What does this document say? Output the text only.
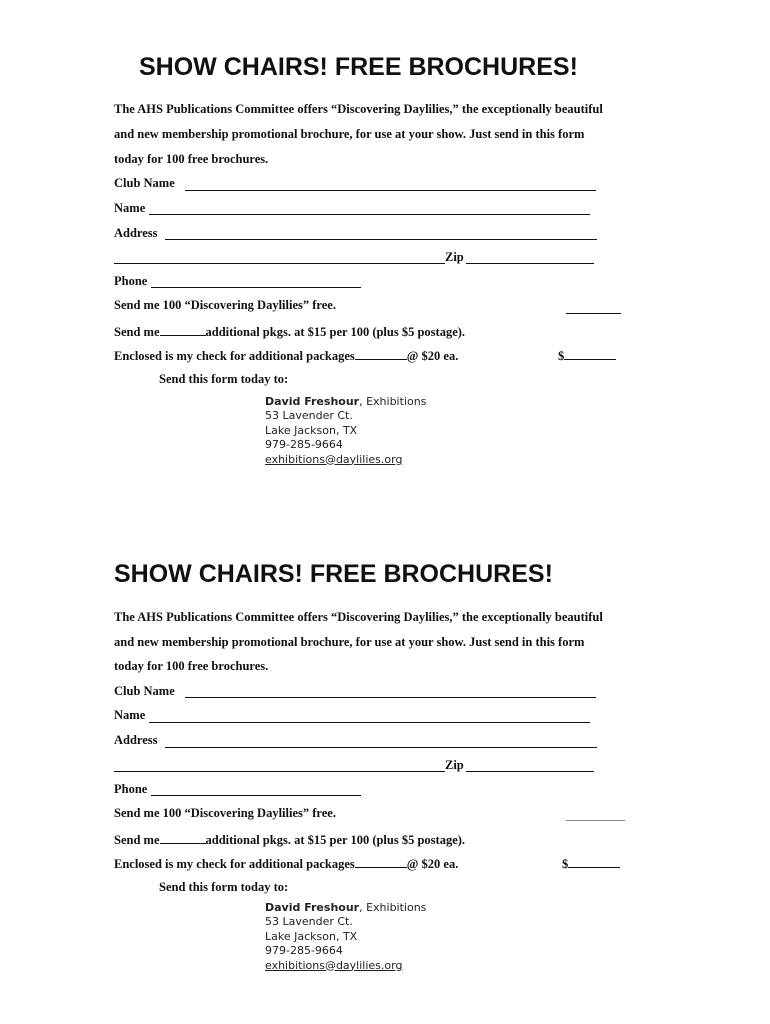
SHOW CHAIRS! FREE BROCHURES!
The AHS Publications Committee offers “Discovering Daylilies,” the exceptionally beautiful
and new membership promotional brochure, for use at your show. Just send in this form
today for 100 free brochures.
Club Name
Name
Address
Zip
Phone
Send me 100 “Discovering Daylilies” free.
Send me	additional pkgs. at $15 per 100 (plus $5 postage).
Enclosed is my check for additional packages	@ $20 ea.	$
Send this form today to:
David Freshour, Exhibitions
53 Lavender Ct.
Lake Jackson, TX
979-285-9664
exhibitions@daylilies.org
SHOW CHAIRS! FREE BROCHURES!
The AHS Publications Committee offers “Discovering Daylilies,” the exceptionally beautiful
and new membership promotional brochure, for use at your show. Just send in this form
today for 100 free brochures.
Club Name
Name
Address
Zip
Phone
Send me 100 “Discovering Daylilies” free.
Send me	additional pkgs. at $15 per 100 (plus $5 postage).
Enclosed is my check for additional packages	@ $20 ea.	$
Send this form today to:
David Freshour, Exhibitions
53 Lavender Ct.
Lake Jackson, TX
979-285-9664
exhibitions@daylilies.org
